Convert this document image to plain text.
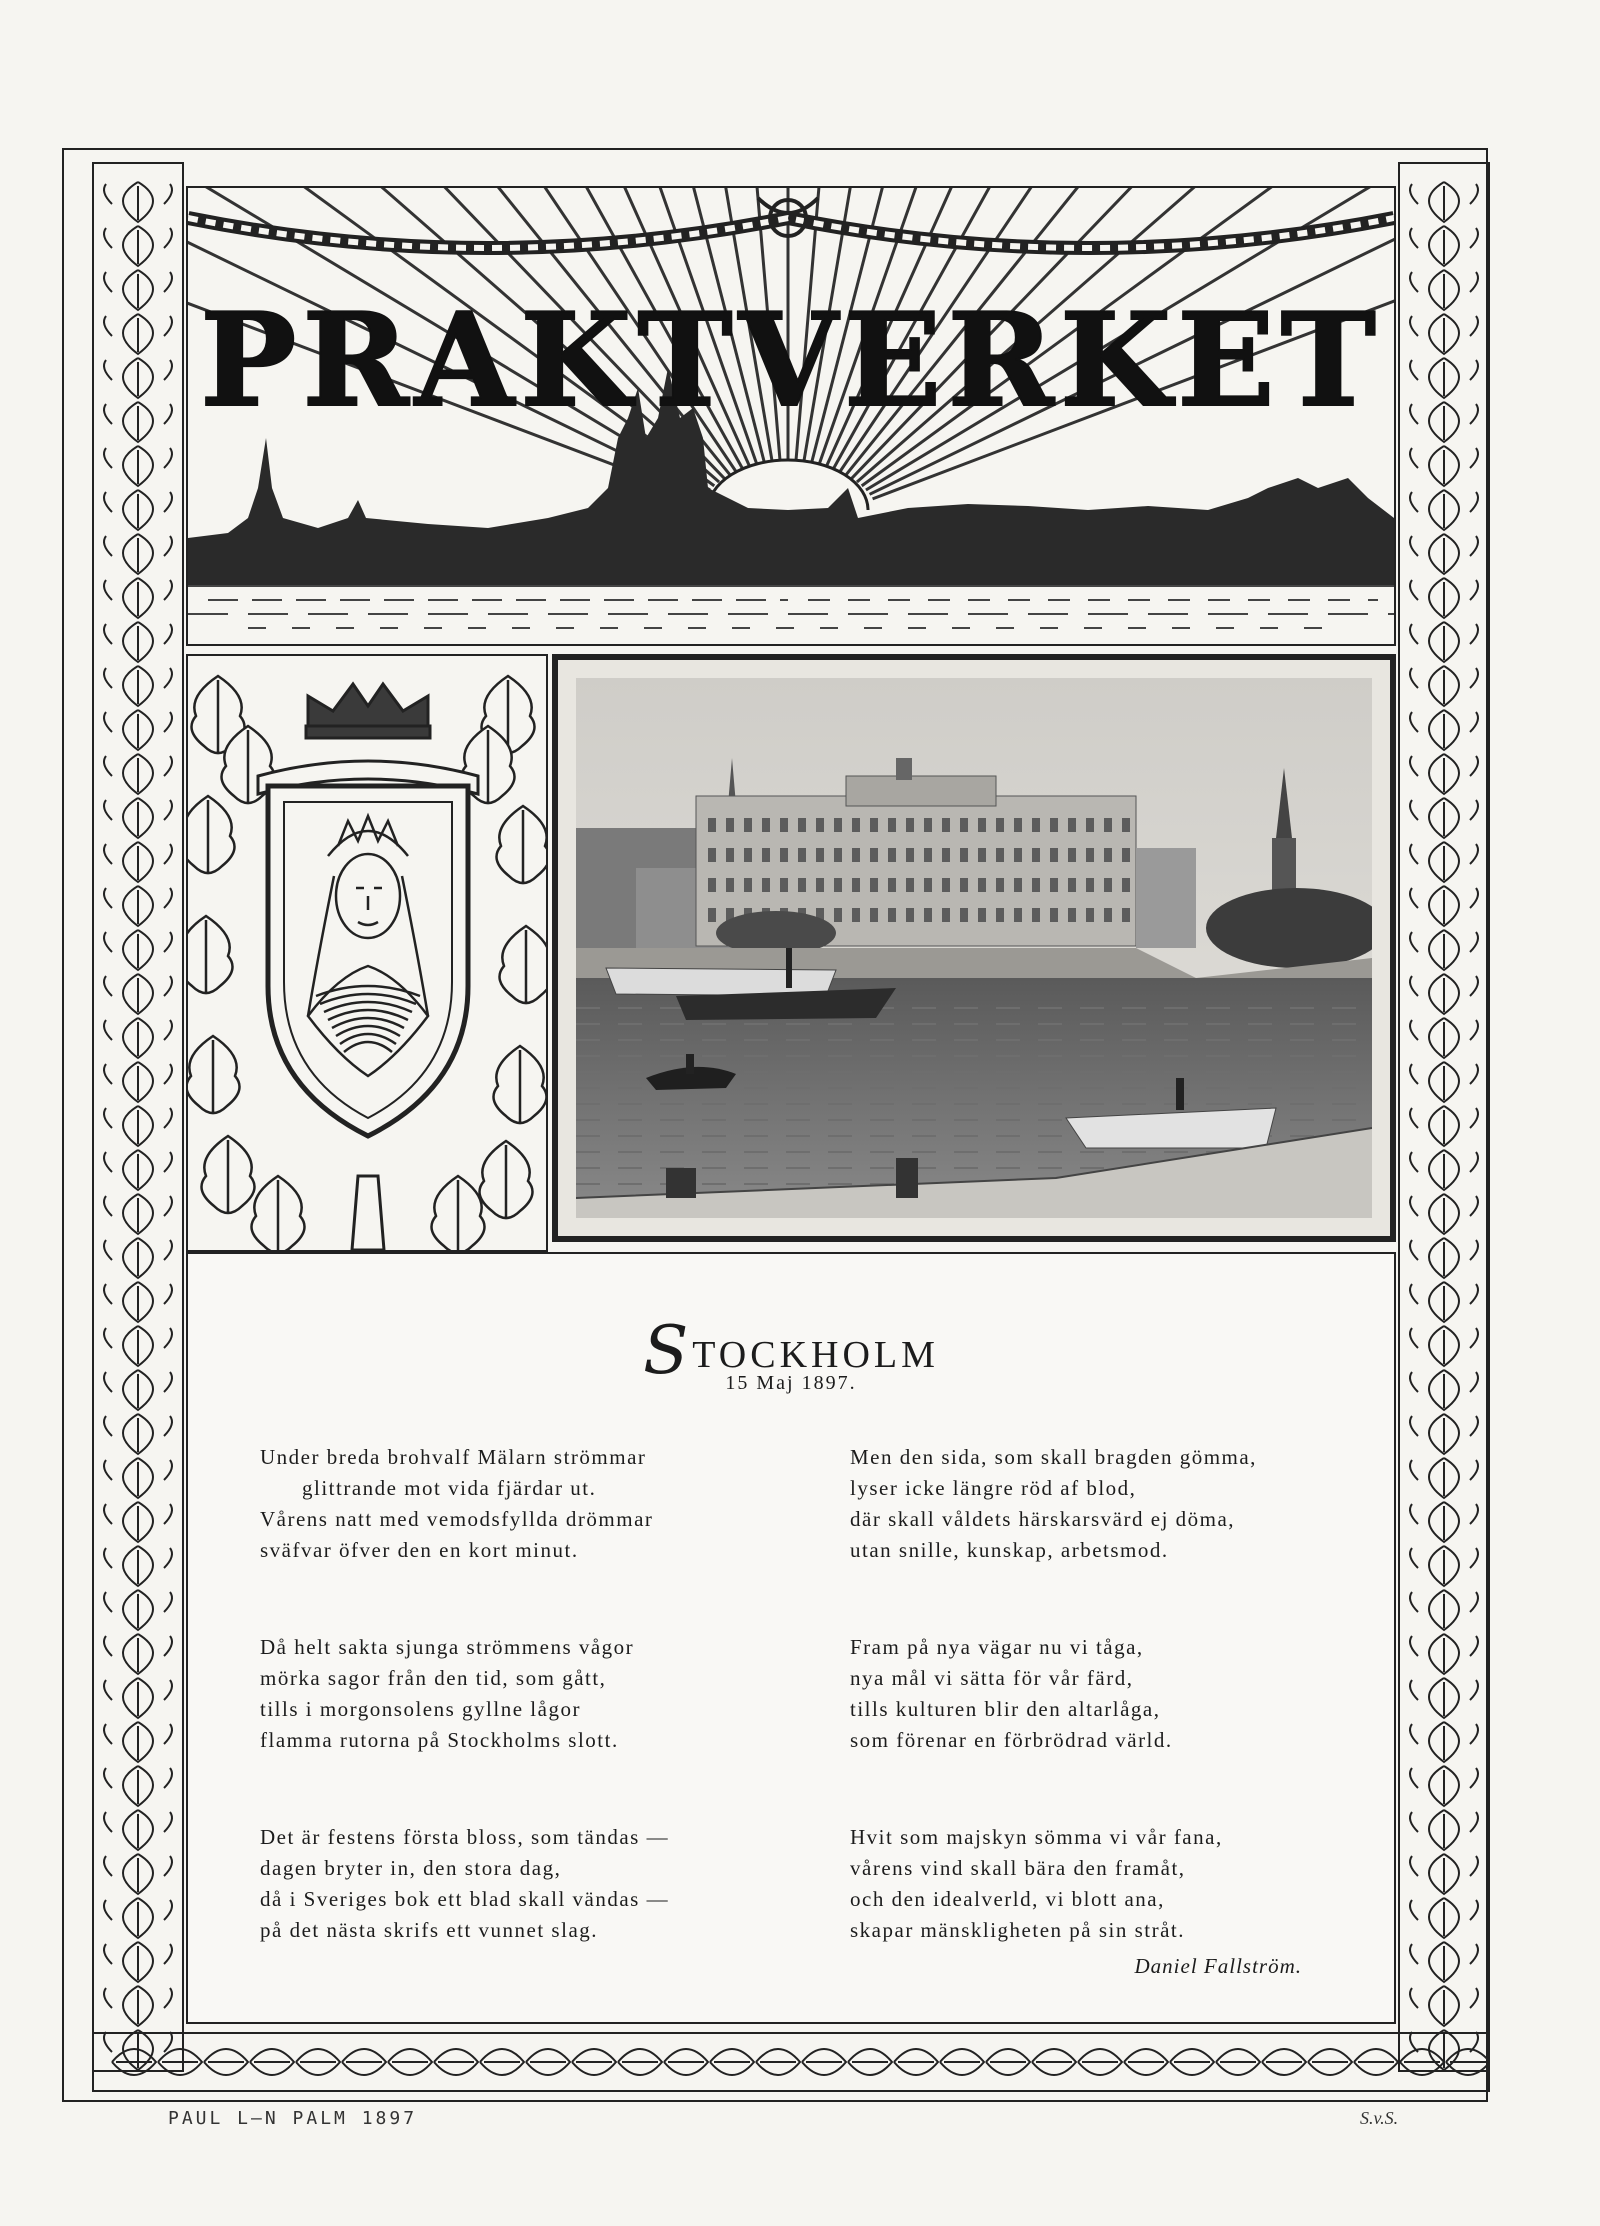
PRAKTVERKET
STOCKHOLM
15 Maj 1897.
Under breda brohvalf Mälarn strömmar
glittrande mot vida fjärdar ut.
Vårens natt med vemodsfyllda drömmar
sväfvar öfver den en kort minut.
Då helt sakta sjunga strömmens vågor
mörka sagor från den tid, som gått,
tills i morgonsolens gyllne lågor
flamma rutorna på Stockholms slott.
Det är festens första bloss, som tändas —
dagen bryter in, den stora dag,
då i Sveriges bok ett blad skall vändas —
på det nästa skrifs ett vunnet slag.
Men den sida, som skall bragden gömma,
lyser icke längre röd af blod,
där skall våldets härskarsvärd ej döma,
utan snille, kunskap, arbetsmod.
Fram på nya vägar nu vi tåga,
nya mål vi sätta för vår färd,
tills kulturen blir den altarlåga,
som förenar en förbrödrad värld.
Hvit som majskyn sömma vi vår fana,
vårens vind skall bära den framåt,
och den idealverld, vi blott ana,
skapar mänskligheten på sin stråt.
Daniel Fallström.
PAUL L—N PALM 1897	S.v.S.
